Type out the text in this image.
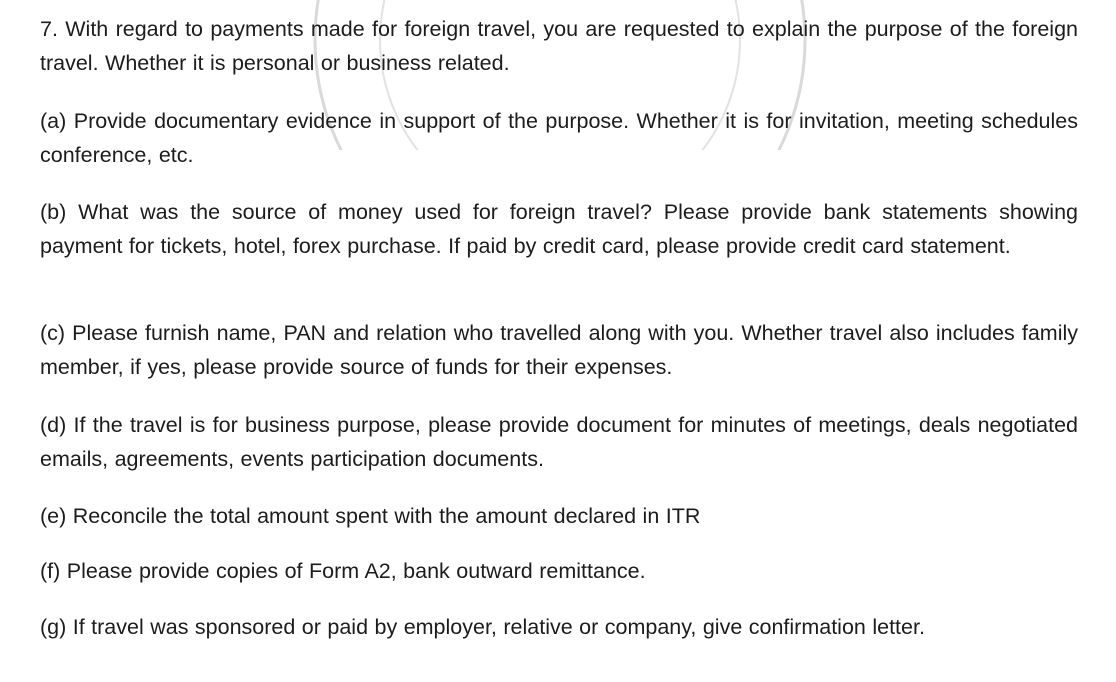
7. With regard to payments made for foreign travel, you are requested to explain the purpose of the foreign travel. Whether it is personal or business related.

(a) Provide documentary evidence in support of the purpose. Whether it is for invitation, meeting schedules conference, etc.

(b) What was the source of money used for foreign travel? Please provide bank statements showing payment for tickets, hotel, forex purchase. If paid by credit card, please provide credit card statement.

(c) Please furnish name, PAN and relation who travelled along with you. Whether travel also includes family member, if yes, please provide source of funds for their expenses.

(d) If the travel is for business purpose, please provide document for minutes of meetings, deals negotiated emails, agreements, events participation documents.

(e) Reconcile the total amount spent with the amount declared in ITR

(f) Please provide copies of Form A2, bank outward remittance.

(g) If travel was sponsored or paid by employer, relative or company, give confirmation letter.
